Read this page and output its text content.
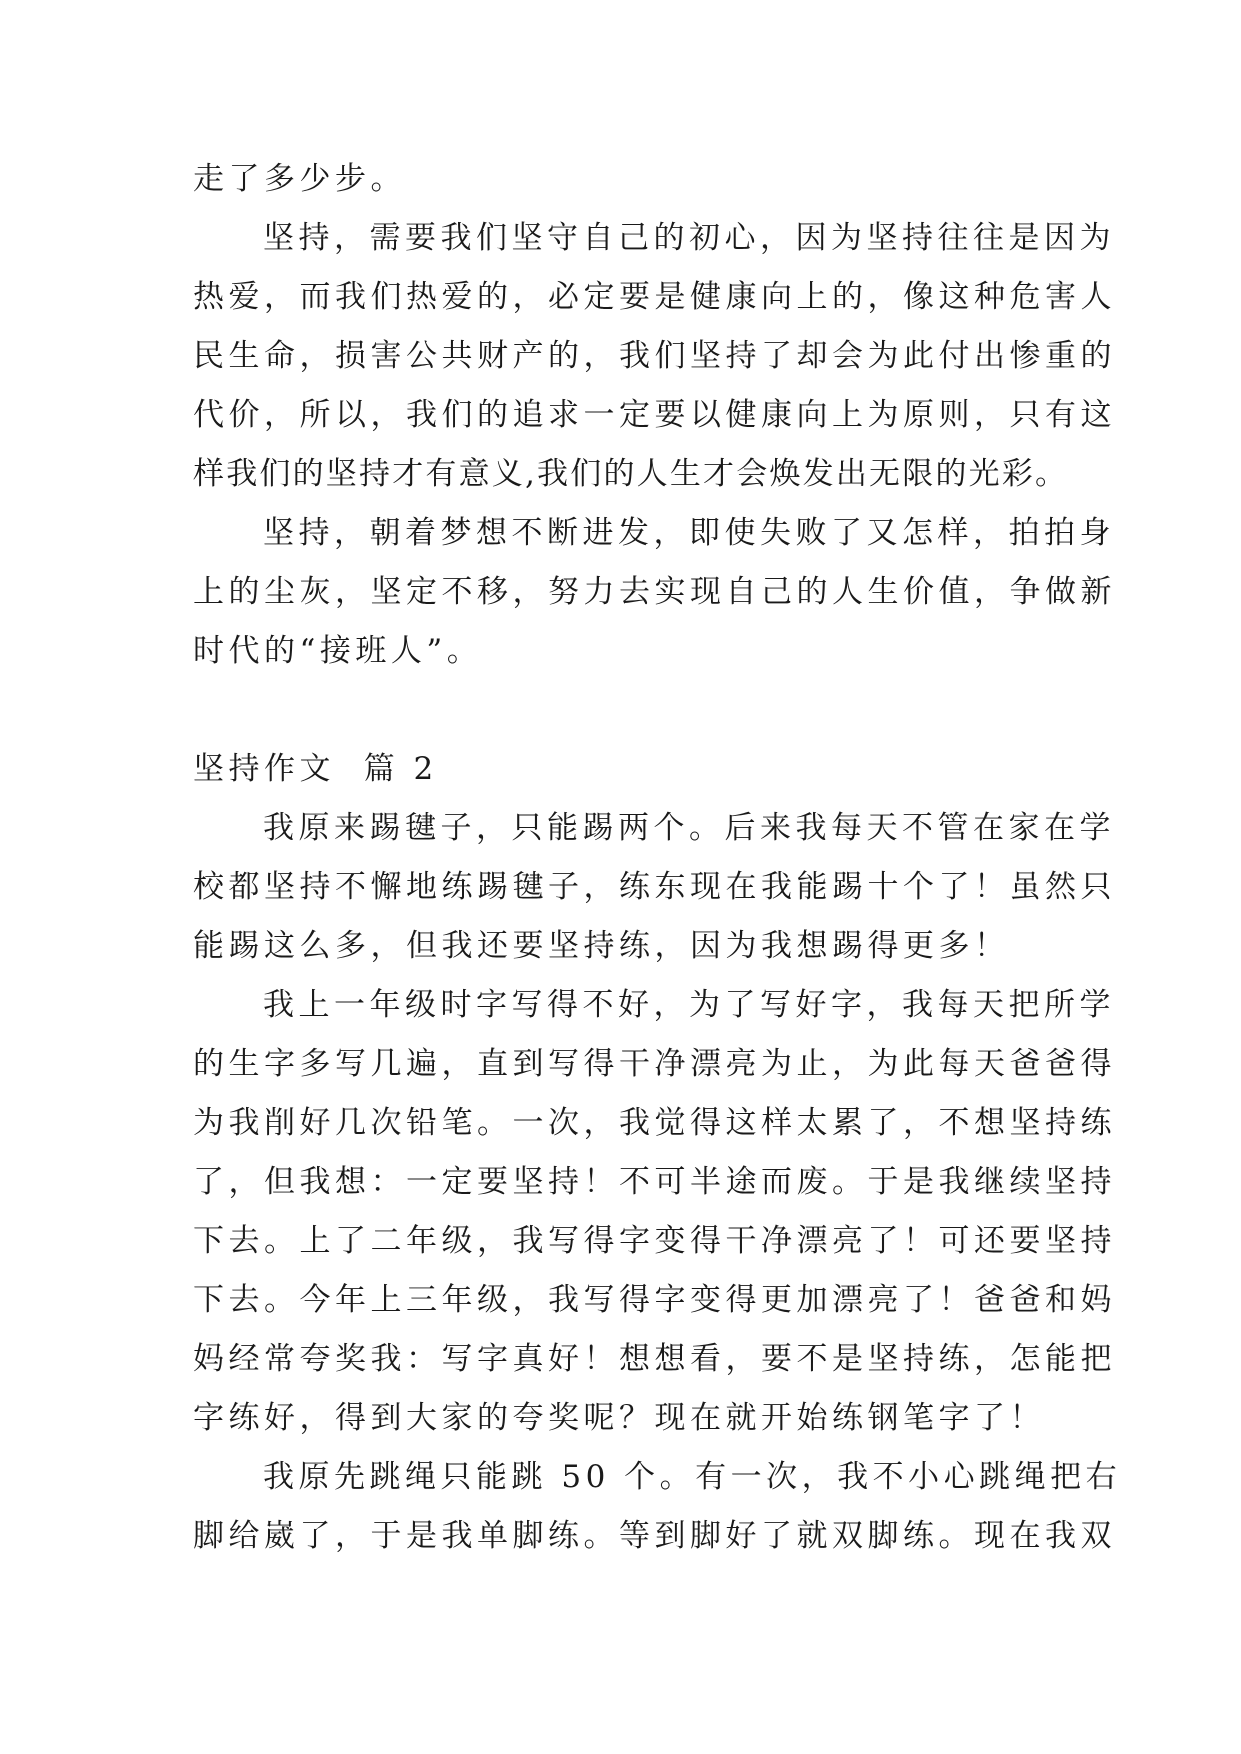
走了多少步。
坚持，需要我们坚守自己的初心，因为坚持往往是因为
热爱，而我们热爱的，必定要是健康向上的，像这种危害人
民生命，损害公共财产的，我们坚持了却会为此付出惨重的
代价，所以，我们的追求一定要以健康向上为原则，只有这
样我们的坚持才有意义,我们的人生才会焕发出无限的光彩。
坚持，朝着梦想不断进发，即使失败了又怎样，拍拍身
上的尘灰，坚定不移，努力去实现自己的人生价值，争做新
时代的“接班人”。
坚持作文  篇 2
我原来踢毽子，只能踢两个。后来我每天不管在家在学
校都坚持不懈地练踢毽子，练东现在我能踢十个了！虽然只
能踢这么多，但我还要坚持练，因为我想踢得更多！
我上一年级时字写得不好，为了写好字，我每天把所学
的生字多写几遍，直到写得干净漂亮为止，为此每天爸爸得
为我削好几次铅笔。一次，我觉得这样太累了，不想坚持练
了，但我想：一定要坚持！不可半途而废。于是我继续坚持
下去。上了二年级，我写得字变得干净漂亮了！可还要坚持
下去。今年上三年级，我写得字变得更加漂亮了！爸爸和妈
妈经常夸奖我：写字真好！想想看，要不是坚持练，怎能把
字练好，得到大家的夸奖呢？现在就开始练钢笔字了！
我原先跳绳只能跳 50 个。有一次，我不小心跳绳把右
脚给崴了，于是我单脚练。等到脚好了就双脚练。现在我双
